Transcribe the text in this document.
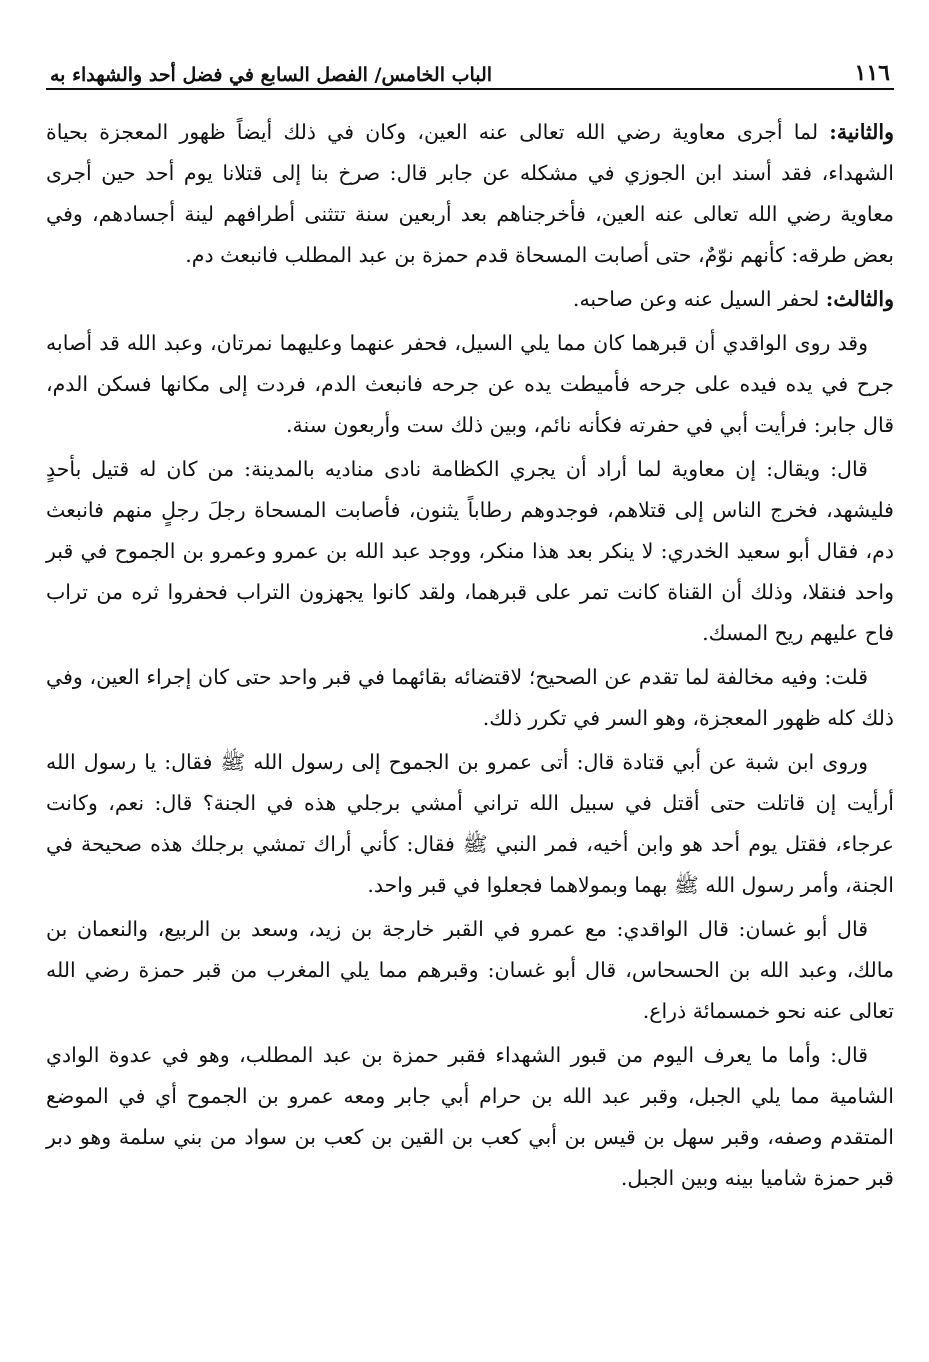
١١٦
الباب الخامس/ الفصل السابع في فضل أحد والشهداء به

والثانية: لما أجرى معاوية رضي الله تعالى عنه العين، وكان في ذلك أيضاً ظهور المعجزة بحياة الشهداء، فقد أسند ابن الجوزي في مشكله عن جابر قال: صرخ بنا إلى قتلانا يوم أحد حين أجرى معاوية رضي الله تعالى عنه العين، فأخرجناهم بعد أربعين سنة تتثنى أطرافهم لينة أجسادهم، وفي بعض طرقه: كأنهم نوّمٌ، حتى أصابت المسحاة قدم حمزة بن عبد المطلب فانبعث دم.

والثالث: لحفر السيل عنه وعن صاحبه.

وقد روى الواقدي أن قبرهما كان مما يلي السيل، فحفر عنهما وعليهما نمرتان، وعبد الله قد أصابه جرح في يده فيده على جرحه فأميطت يده عن جرحه فانبعث الدم، فردت إلى مكانها فسكن الدم، قال جابر: فرأيت أبي في حفرته فكأنه نائم، وبين ذلك ست وأربعون سنة.

قال: ويقال: إن معاوية لما أراد أن يجري الكظامة نادى مناديه بالمدينة: من كان له قتيل بأحدٍ فليشهد، فخرج الناس إلى قتلاهم، فوجدوهم رطاباً يثنون، فأصابت المسحاة رجلَ رجلٍ منهم فانبعث دم، فقال أبو سعيد الخدري: لا ينكر بعد هذا منكر، ووجد عبد الله بن عمرو وعمرو بن الجموح في قبر واحد فنقلا، وذلك أن القناة كانت تمر على قبرهما، ولقد كانوا يجهزون التراب فحفروا ثره من تراب فاح عليهم ريح المسك.

قلت: وفيه مخالفة لما تقدم عن الصحيح؛ لاقتضائه بقائهما في قبر واحد حتى كان إجراء العين، وفي ذلك كله ظهور المعجزة، وهو السر في تكرر ذلك.

وروى ابن شبة عن أبي قتادة قال: أتى عمرو بن الجموح إلى رسول الله ﷺ فقال: يا رسول الله أرأيت إن قاتلت حتى أقتل في سبيل الله تراني أمشي برجلي هذه في الجنة؟ قال: نعم، وكانت عرجاء، فقتل يوم أحد هو وابن أخيه، فمر النبي ﷺ فقال: كأني أراك تمشي برجلك هذه صحيحة في الجنة، وأمر رسول الله ﷺ بهما وبمولاهما فجعلوا في قبر واحد.

قال أبو غسان: قال الواقدي: مع عمرو في القبر خارجة بن زيد، وسعد بن الربيع، والنعمان بن مالك، وعبد الله بن الحسحاس، قال أبو غسان: وقبرهم مما يلي المغرب من قبر حمزة رضي الله تعالى عنه نحو خمسمائة ذراع.

قال: وأما ما يعرف اليوم من قبور الشهداء فقبر حمزة بن عبد المطلب، وهو في عدوة الوادي الشامية مما يلي الجبل، وقبر عبد الله بن حرام أبي جابر ومعه عمرو بن الجموح أي في الموضع المتقدم وصفه، وقبر سهل بن قيس بن أبي كعب بن القين بن كعب بن سواد من بني سلمة وهو دبر قبر حمزة شاميا بينه وبين الجبل.
